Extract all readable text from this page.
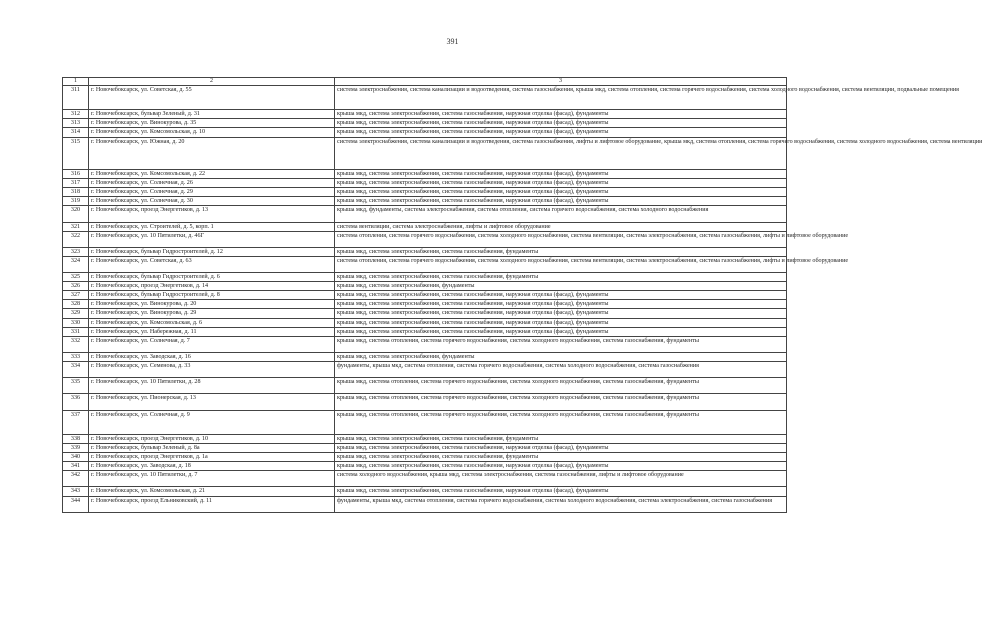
391
1	2	3
311	г. Новочебоксарск, ул. Советская, д. 55	система электроснабжения, система канализации и водоотведения, система газоснабжения, крыша мкд, система отопления, система горячего водоснабжения, система холодного водоснабжения, система вентиляции, подвальные помещения
312	г. Новочебоксарск, бульвар Зеленый, д. 31	крыша мкд, система электроснабжения, система газоснабжения, наружная отделка (фасад), фундаменты
313	г. Новочебоксарск, ул. Винокурова, д. 35	крыша мкд, система электроснабжения, система газоснабжения, наружная отделка (фасад), фундаменты
314	г. Новочебоксарск, ул. Комсомольская, д. 10	крыша мкд, система электроснабжения, система газоснабжения, наружная отделка (фасад), фундаменты
315	г. Новочебоксарск, ул. Южная, д. 20	система электроснабжения, система канализации и водоотведения, система газоснабжения, лифты и лифтовое оборудование, крыша мкд, система отопления, система горячего водоснабжения, система холодного водоснабжения, система вентиляции
316	г. Новочебоксарск, ул. Комсомольская, д. 22	крыша мкд, система электроснабжения, система газоснабжения, наружная отделка (фасад), фундаменты
317	г. Новочебоксарск, ул. Солнечная, д. 26	крыша мкд, система электроснабжения, система газоснабжения, наружная отделка (фасад), фундаменты
318	г. Новочебоксарск, ул. Солнечная, д. 29	крыша мкд, система электроснабжения, система газоснабжения, наружная отделка (фасад), фундаменты
319	г. Новочебоксарск, ул. Солнечная, д. 30	крыша мкд, система электроснабжения, система газоснабжения, наружная отделка (фасад), фундаменты
320	г. Новочебоксарск, проезд Энергетиков, д. 13	крыша мкд, фундаменты, система электроснабжения, система отопления, система горячего водоснабжения, система холодного водоснабжения
321	г. Новочебоксарск, ул. Строителей, д. 5, корп. 1	система вентиляции, система электроснабжения, лифты и лифтовое оборудование
322	г. Новочебоксарск, ул. 10 Пятилетки, д. 46Г	система отопления, система горячего водоснабжения, система холодного водоснабжения, система вентиляции, система электроснабжения, система газоснабжения, лифты и лифтовое оборудование
323	г. Новочебоксарск, бульвар Гидростроителей, д. 12	крыша мкд, система электроснабжения, система газоснабжения, фундаменты
324	г. Новочебоксарск, ул. Советская, д. 63	система отопления, система горячего водоснабжения, система холодного водоснабжения, система вентиляции, система электроснабжения, система газоснабжения, лифты и лифтовое оборудование
325	г. Новочебоксарск, бульвар Гидростроителей, д. 6	крыша мкд, система электроснабжения, система газоснабжения, фундаменты
326	г. Новочебоксарск, проезд Энергетиков, д. 14	крыша мкд, система электроснабжения, фундаменты
327	г. Новочебоксарск, бульвар Гидростроителей, д. 8	крыша мкд, система электроснабжения, система газоснабжения, наружная отделка (фасад), фундаменты
328	г. Новочебоксарск, ул. Винокурова, д. 20	крыша мкд, система электроснабжения, система газоснабжения, наружная отделка (фасад), фундаменты
329	г. Новочебоксарск, ул. Винокурова, д. 29	крыша мкд, система электроснабжения, система газоснабжения, наружная отделка (фасад), фундаменты
330	г. Новочебоксарск, ул. Комсомольская, д. 6	крыша мкд, система электроснабжения, система газоснабжения, наружная отделка (фасад), фундаменты
331	г. Новочебоксарск, ул. Набережная, д. 11	крыша мкд, система электроснабжения, система газоснабжения, наружная отделка (фасад), фундаменты
332	г. Новочебоксарск, ул. Солнечная, д. 7	крыша мкд, система отопления, система горячего водоснабжения, система холодного водоснабжения, система газоснабжения, фундаменты
333	г. Новочебоксарск, ул. Заводская, д. 16	крыша мкд, система электроснабжения, фундаменты
334	г. Новочебоксарск, ул. Семенова, д. 33	фундаменты, крыша мкд, система отопления, система горячего водоснабжения, система холодного водоснабжения, система газоснабжения
335	г. Новочебоксарск, ул. 10 Пятилетки, д. 28	крыша мкд, система отопления, система горячего водоснабжения, система холодного водоснабжения, система газоснабжения, фундаменты
336	г. Новочебоксарск, ул. Пионерская, д. 13	крыша мкд, система отопления, система горячего водоснабжения, система холодного водоснабжения, система газоснабжения, фундаменты
337	г. Новочебоксарск, ул. Солнечная, д. 9	крыша мкд, система отопления, система горячего водоснабжения, система холодного водоснабжения, система газоснабжения, фундаменты
338	г. Новочебоксарск, проезд Энергетиков, д. 10	крыша мкд, система электроснабжения, система газоснабжения, фундаменты
339	г. Новочебоксарск, бульвар Зеленый, д. 8а	крыша мкд, система электроснабжения, система газоснабжения, наружная отделка (фасад), фундаменты
340	г. Новочебоксарск, проезд Энергетиков, д. 1а	крыша мкд, система электроснабжения, система газоснабжения, фундаменты
341	г. Новочебоксарск, ул. Заводская, д. 18	крыша мкд, система электроснабжения, система газоснабжения, наружная отделка (фасад), фундаменты
342	г. Новочебоксарск, ул. 10 Пятилетки, д. 7	система холодного водоснабжения, крыша мкд, система электроснабжения, система газоснабжения, лифты и лифтовое оборудование
343	г. Новочебоксарск, ул. Комсомольская, д. 21	крыша мкд, система электроснабжения, система газоснабжения, наружная отделка (фасад), фундаменты
344	г. Новочебоксарск, проезд Ельниковский, д. 11	фундаменты, крыша мкд, система отопления, система горячего водоснабжения, система холодного водоснабжения, система электроснабжения, система газоснабжения
